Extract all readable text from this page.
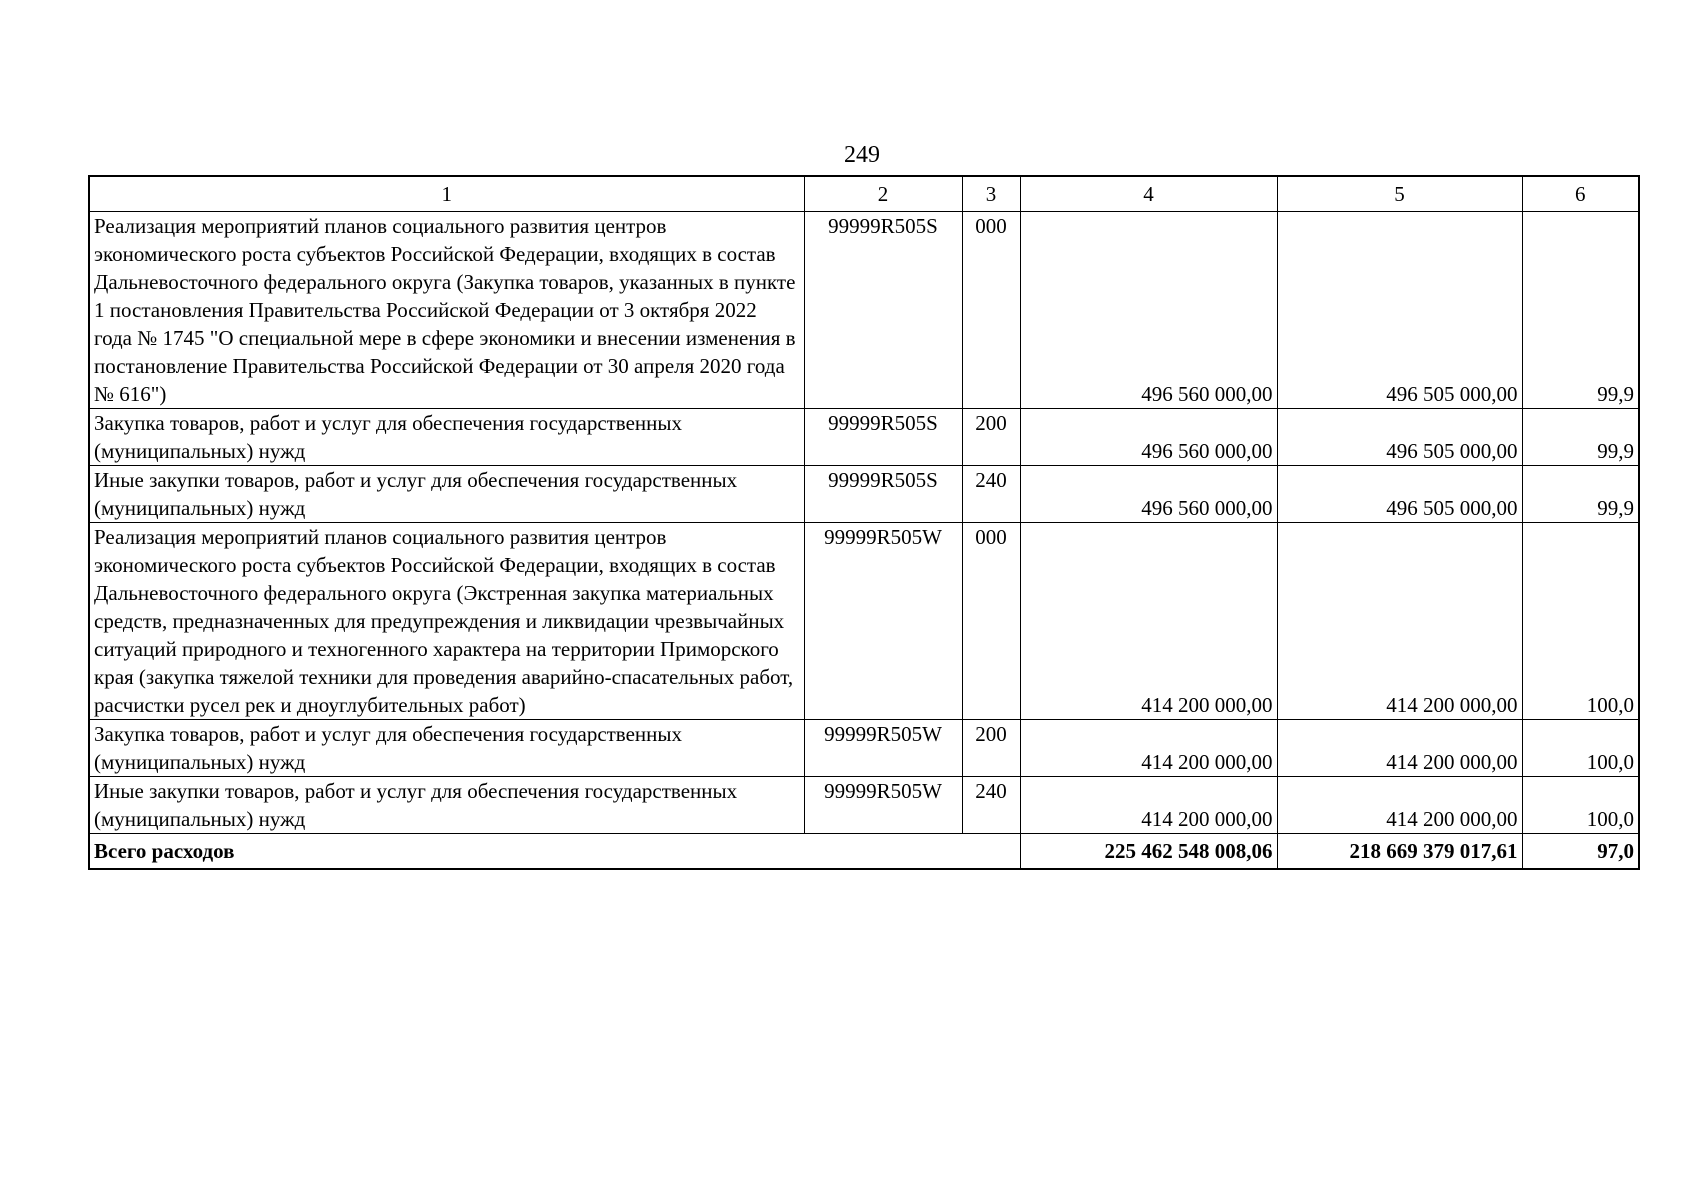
249
1	2	3	4	5	6
Реализация мероприятий планов социального развития центров экономического роста субъектов Российской Федерации, входящих в состав Дальневосточного федерального округа (Закупка товаров, указанных в пункте 1 постановления Правительства Российской Федерации от 3 октября 2022 года № 1745 "О специальной мере в сфере экономики и внесении изменения в постановление Правительства Российской Федерации от 30 апреля 2020 года № 616")	99999R505S	000	496 560 000,00	496 505 000,00	99,9
Закупка товаров, работ и услуг для обеспечения государственных (муниципальных) нужд	99999R505S	200	496 560 000,00	496 505 000,00	99,9
Иные закупки товаров, работ и услуг для обеспечения государственных (муниципальных) нужд	99999R505S	240	496 560 000,00	496 505 000,00	99,9
Реализация мероприятий планов социального развития центров экономического роста субъектов Российской Федерации, входящих в состав Дальневосточного федерального округа (Экстренная закупка материальных средств, предназначенных для предупреждения и ликвидации чрезвычайных ситуаций природного и техногенного характера на территории Приморского края (закупка тяжелой техники для проведения аварийно-спасательных работ, расчистки русел рек и дноуглубительных работ)	99999R505W	000	414 200 000,00	414 200 000,00	100,0
Закупка товаров, работ и услуг для обеспечения государственных (муниципальных) нужд	99999R505W	200	414 200 000,00	414 200 000,00	100,0
Иные закупки товаров, работ и услуг для обеспечения государственных (муниципальных) нужд	99999R505W	240	414 200 000,00	414 200 000,00	100,0
Всего расходов			225 462 548 008,06	218 669 379 017,61	97,0
